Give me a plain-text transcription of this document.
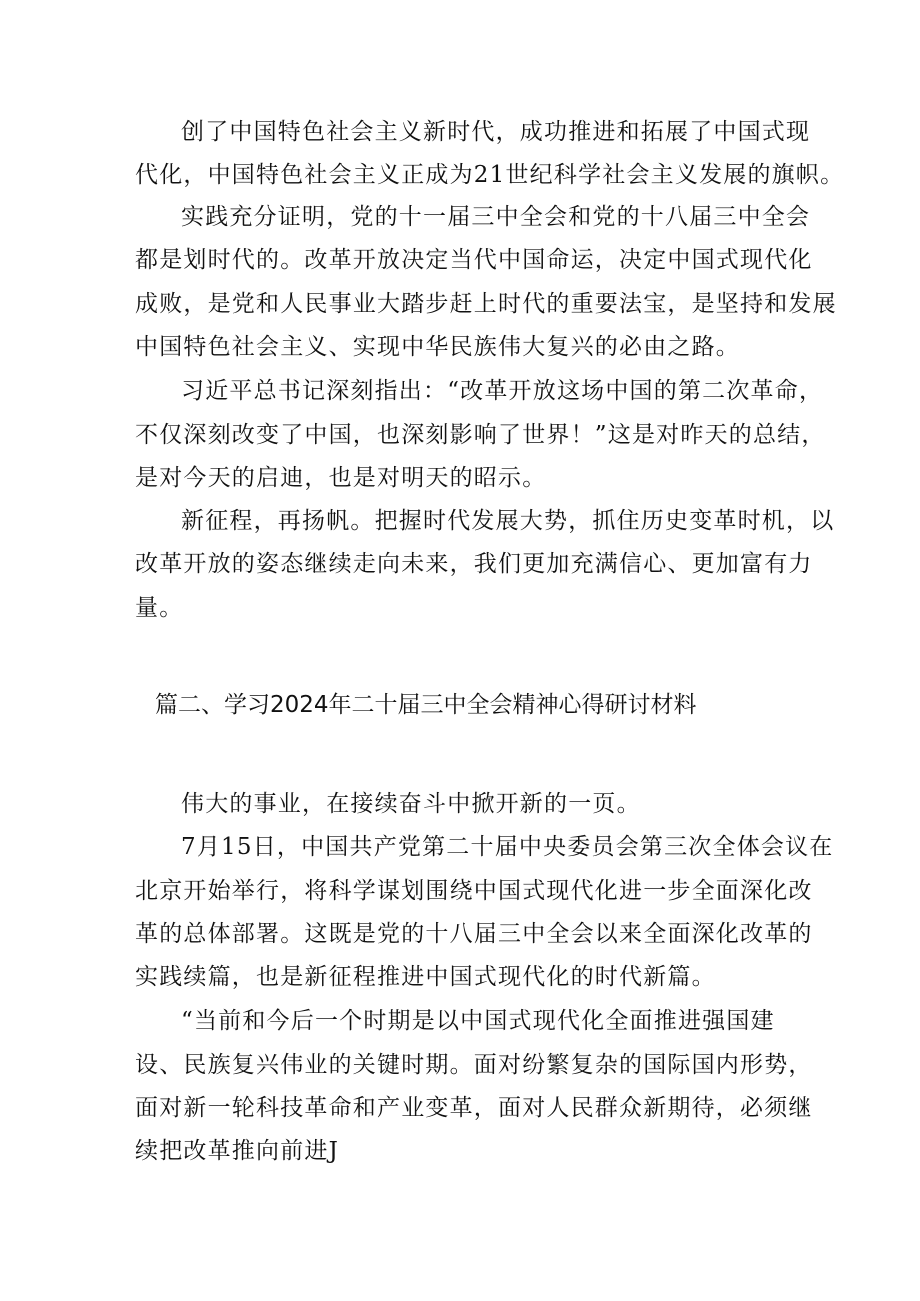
创了中国特色社会主义新时代，成功推进和拓展了中国式现
代化，中国特色社会主义正成为21世纪科学社会主义发展的旗帜。
实践充分证明，党的十一届三中全会和党的十八届三中全会
都是划时代的。改革开放决定当代中国命运，决定中国式现代化
成败，是党和人民事业大踏步赶上时代的重要法宝，是坚持和发展
中国特色社会主义、实现中华民族伟大复兴的必由之路。
习近平总书记深刻指出：“改革开放这场中国的第二次革命，
不仅深刻改变了中国，也深刻影响了世界！”这是对昨天的总结，
是对今天的启迪，也是对明天的昭示。
新征程，再扬帆。把握时代发展大势，抓住历史变革时机，以
改革开放的姿态继续走向未来，我们更加充满信心、更加富有力
量。
篇二、学习2024年二十届三中全会精神心得研讨材料
伟大的事业，在接续奋斗中掀开新的一页。
7月15日，中国共产党第二十届中央委员会第三次全体会议在
北京开始举行，将科学谋划围绕中国式现代化进一步全面深化改
革的总体部署。这既是党的十八届三中全会以来全面深化改革的
实践续篇，也是新征程推进中国式现代化的时代新篇。
“当前和今后一个时期是以中国式现代化全面推进强国建
设、民族复兴伟业的关键时期。面对纷繁复杂的国际国内形势，
面对新一轮科技革命和产业变革，面对人民群众新期待，必须继
续把改革推向前进J
